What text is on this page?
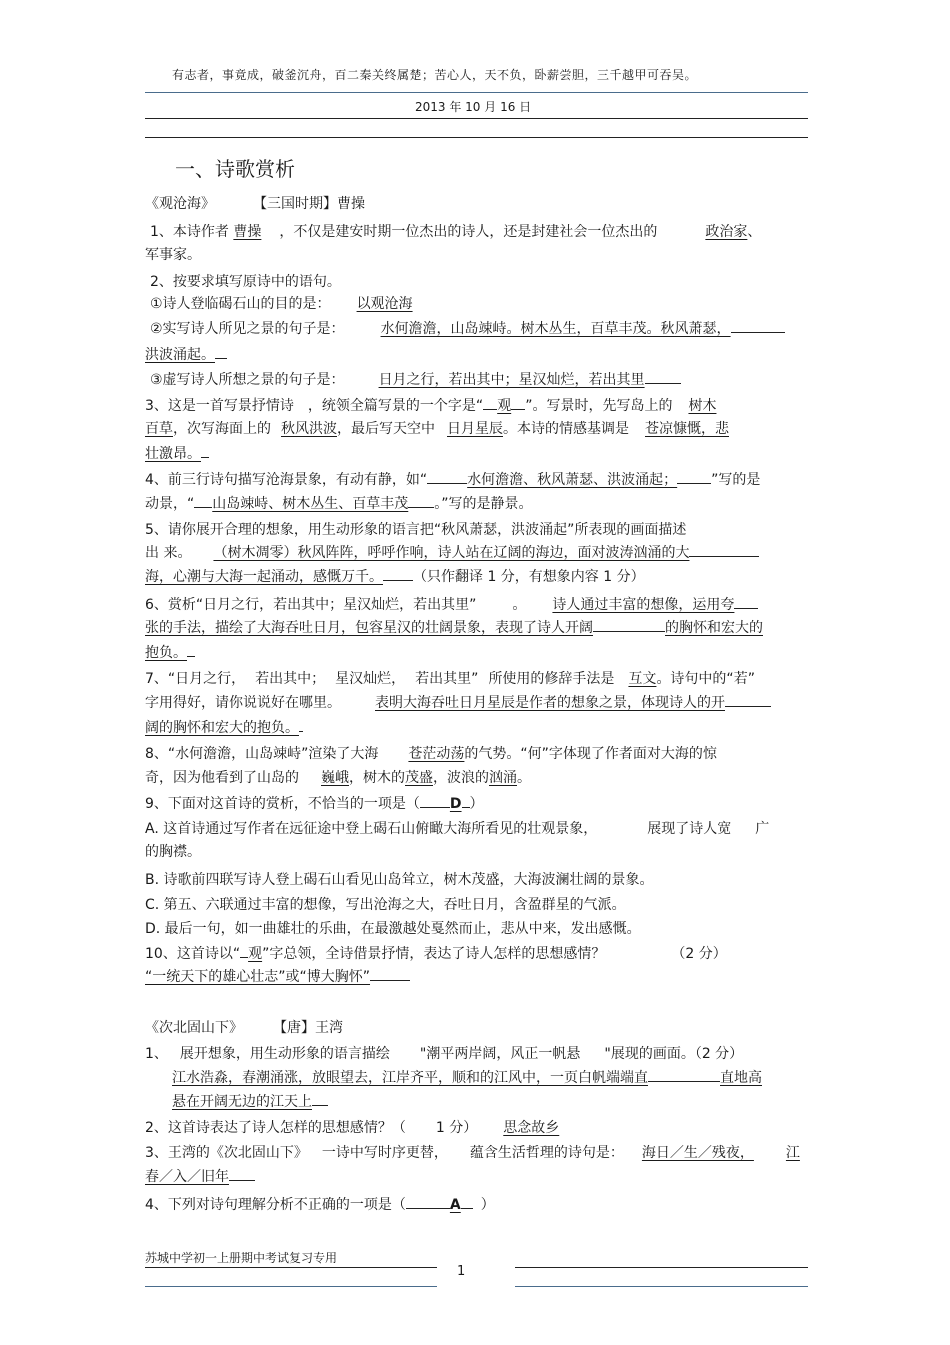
有志者，事竟成，破釜沉舟，百二秦关终属楚；苦心人，天不负，卧薪尝胆，三千越甲可吞吴。
2013 年 10 月 16 日
一、诗歌赏析
《观沧海》	【三国时期】曹操
1、本诗作者 曹操 ，不仅是建安时期一位杰出的诗人，还是封建社会一位杰出的	政治家、
军事家。
2、按要求填写原诗中的语句。
①诗人登临碣石山的目的是： 以观沧海
②实写诗人所见之景的句子是：	水何澹澹，山岛竦峙。树木丛生，百草丰茂。秋风萧瑟，
洪波涌起。
③虚写诗人所想之景的句子是： 日月之行，若出其中；星汉灿烂，若出其里
3、这是一首写景抒情诗 ，统领全篇写景的一个字是“ 观 ”。写景时，先写岛上的 树木
百草，次写海面上的 秋风洪波，最后写天空中 日月星辰。本诗的情感基调是 苍凉慷慨，悲
壮激昂。
4、前三行诗句描写沧海景象，有动有静，如“	水何澹澹、秋风萧瑟、洪波涌起； ”写的是
动景，“ 山岛竦峙、树木丛生、百草丰茂 。”写的是静景。
5、请你展开合理的想象，用生动形象的语言把“秋风萧瑟，洪波涌起”所表现的画面描述
出 来。 （树木凋零）秋风阵阵，呼呼作响，诗人站在辽阔的海边，面对波涛汹涌的大
海，心潮与大海一起涌动，感慨万千。 （只作翻译 1 分，有想象内容 1 分）
6、赏析“日月之行，若出其中；星汉灿烂，若出其里”	。 诗人通过丰富的想像，运用夸
张的手法，描绘了大海吞吐日月，包容星汉的壮阔景象，表现了诗人开阔	的胸怀和宏大的
抱负。
7、“日月之行， 若出其中； 星汉灿烂， 若出其里” 所使用的修辞手法是 互文。诗句中的“若”
字用得好，请你说说好在哪里。 表明大海吞吐日月星辰是作者的想象之景，体现诗人的开
阔的胸怀和宏大的抱负。
8、“水何澹澹，山岛竦峙”渲染了大海 苍茫动荡的气势。“何”字体现了作者面对大海的惊
奇，因为他看到了山岛的 巍峨，树木的茂盛，波浪的汹涌。
9、下面对这首诗的赏析，不恰当的一项是（ D ）
A. 这首诗通过写作者在远征途中登上碣石山俯瞰大海所看见的壮观景象，	展现了诗人宽 广
的胸襟。
B. 诗歌前四联写诗人登上碣石山看见山岛耸立，树木茂盛，大海波澜壮阔的景象。
C. 第五、六联通过丰富的想像，写出沧海之大，吞吐日月，含盈群星的气派。
D. 最后一句，如一曲雄壮的乐曲，在最激越处戛然而止，悲从中来，发出感慨。
10、这首诗以“ 观”字总领，全诗借景抒情，表达了诗人怎样的思想感情？	（2 分）
“一统天下的雄心壮志”或“博大胸怀”
《次北固山下》 【唐】王湾
1、 展开想象，用生动形象的语言描绘 "潮平两岸阔，风正一帆悬 "展现的画面。（2 分）
江水浩淼，春潮涌涨，放眼望去，江岸齐平，顺和的江风中，一页白帆端端直	直地高
悬在开阔无边的江天上
2、这首诗表达了诗人怎样的思想感情？（ 1 分） 思念故乡
3、王湾的《次北固山下》 一诗中写时序更替， 蕴含生活哲理的诗句是： 海日／生／残夜， 江
春／入／旧年
4、下列对诗句理解分析不正确的一项是（	A ）
苏城中学初一上册期中考试复习专用
1
